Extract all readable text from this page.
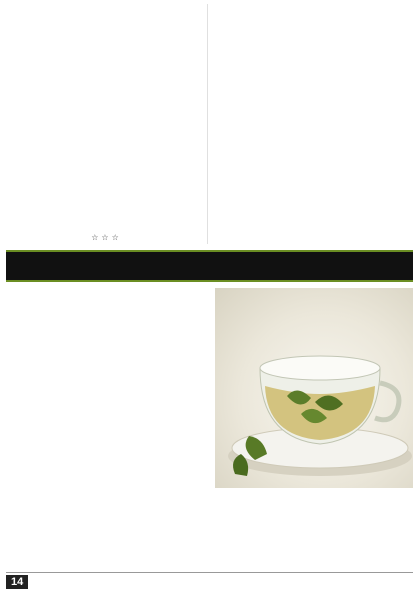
☆☆☆
14
